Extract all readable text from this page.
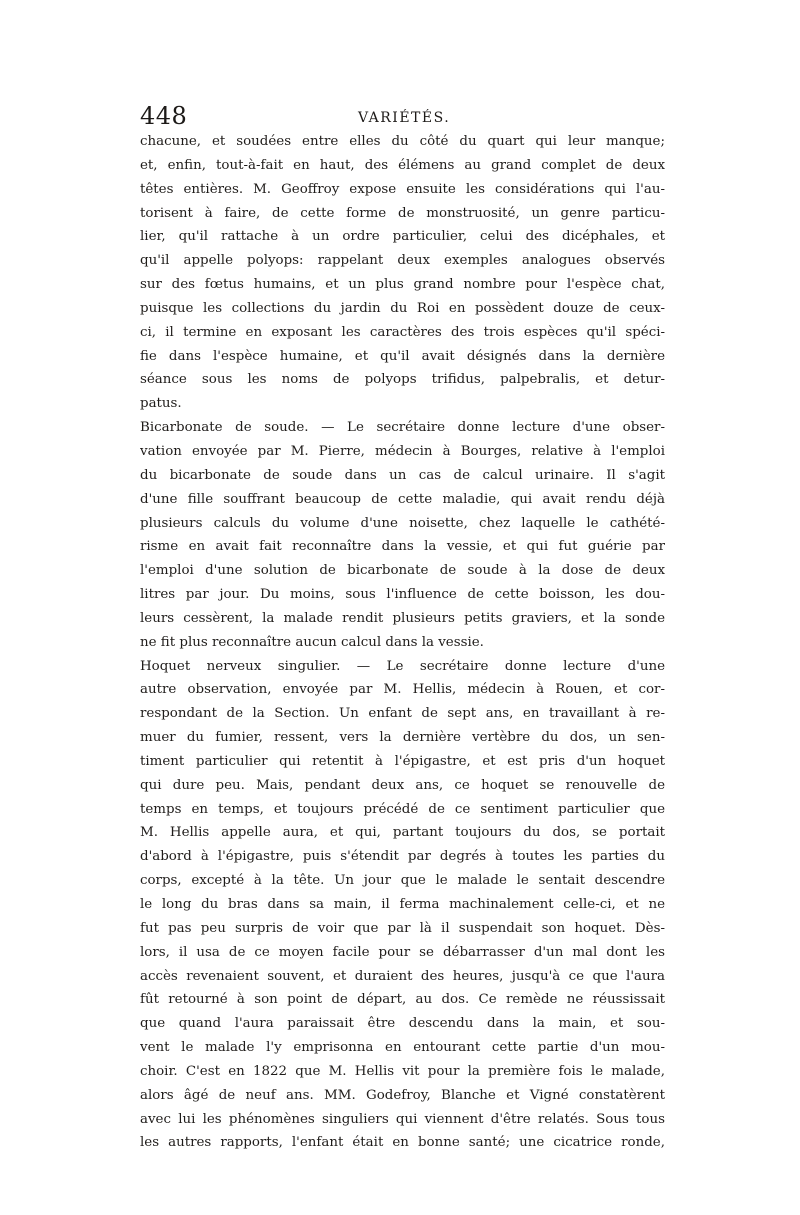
448	VARIÉTÉS.
chacune, et soudées entre elles du côté du quart qui leur manque;
et, enfin, tout-à-fait en haut, des élémens au grand complet de deux
têtes entières. M. Geoffroy expose ensuite les considérations qui l'au-
torisent à faire, de cette forme de monstruosité, un genre particu-
lier, qu'il rattache à un ordre particulier, celui des dicéphales, et
qu'il appelle polyops: rappelant deux exemples analogues observés
sur des fœtus humains, et un plus grand nombre pour l'espèce chat,
puisque les collections du jardin du Roi en possèdent douze de ceux-
ci, il termine en exposant les caractères des trois espèces qu'il spéci-
fie dans l'espèce humaine, et qu'il avait désignés dans la dernière
séance sous les noms de polyops trifidus, palpebralis, et detur-
patus.
Bicarbonate de soude. — Le secrétaire donne lecture d'une obser-
vation envoyée par M. Pierre, médecin à Bourges, relative à l'emploi
du bicarbonate de soude dans un cas de calcul urinaire. Il s'agit
d'une fille souffrant beaucoup de cette maladie, qui avait rendu déjà
plusieurs calculs du volume d'une noisette, chez laquelle le cathété-
risme en avait fait reconnaître dans la vessie, et qui fut guérie par
l'emploi d'une solution de bicarbonate de soude à la dose de deux
litres par jour. Du moins, sous l'influence de cette boisson, les dou-
leurs cessèrent, la malade rendit plusieurs petits graviers, et la sonde
ne fit plus reconnaître aucun calcul dans la vessie.
Hoquet nerveux singulier. — Le secrétaire donne lecture d'une
autre observation, envoyée par M. Hellis, médecin à Rouen, et cor-
respondant de la Section. Un enfant de sept ans, en travaillant à re-
muer du fumier, ressent, vers la dernière vertèbre du dos, un sen-
timent particulier qui retentit à l'épigastre, et est pris d'un hoquet
qui dure peu. Mais, pendant deux ans, ce hoquet se renouvelle de
temps en temps, et toujours précédé de ce sentiment particulier que
M. Hellis appelle aura, et qui, partant toujours du dos, se portait
d'abord à l'épigastre, puis s'étendit par degrés à toutes les parties du
corps, excepté à la tête. Un jour que le malade le sentait descendre
le long du bras dans sa main, il ferma machinalement celle-ci, et ne
fut pas peu surpris de voir que par là il suspendait son hoquet. Dès-
lors, il usa de ce moyen facile pour se débarrasser d'un mal dont les
accès revenaient souvent, et duraient des heures, jusqu'à ce que l'aura
fût retourné à son point de départ, au dos. Ce remède ne réussissait
que quand l'aura paraissait être descendu dans la main, et sou-
vent le malade l'y emprisonna en entourant cette partie d'un mou-
choir. C'est en 1822 que M. Hellis vit pour la première fois le malade,
alors âgé de neuf ans. MM. Godefroy, Blanche et Vigné constatèrent
avec lui les phénomènes singuliers qui viennent d'être relatés. Sous tous
les autres rapports, l'enfant était en bonne santé; une cicatrice ronde,
